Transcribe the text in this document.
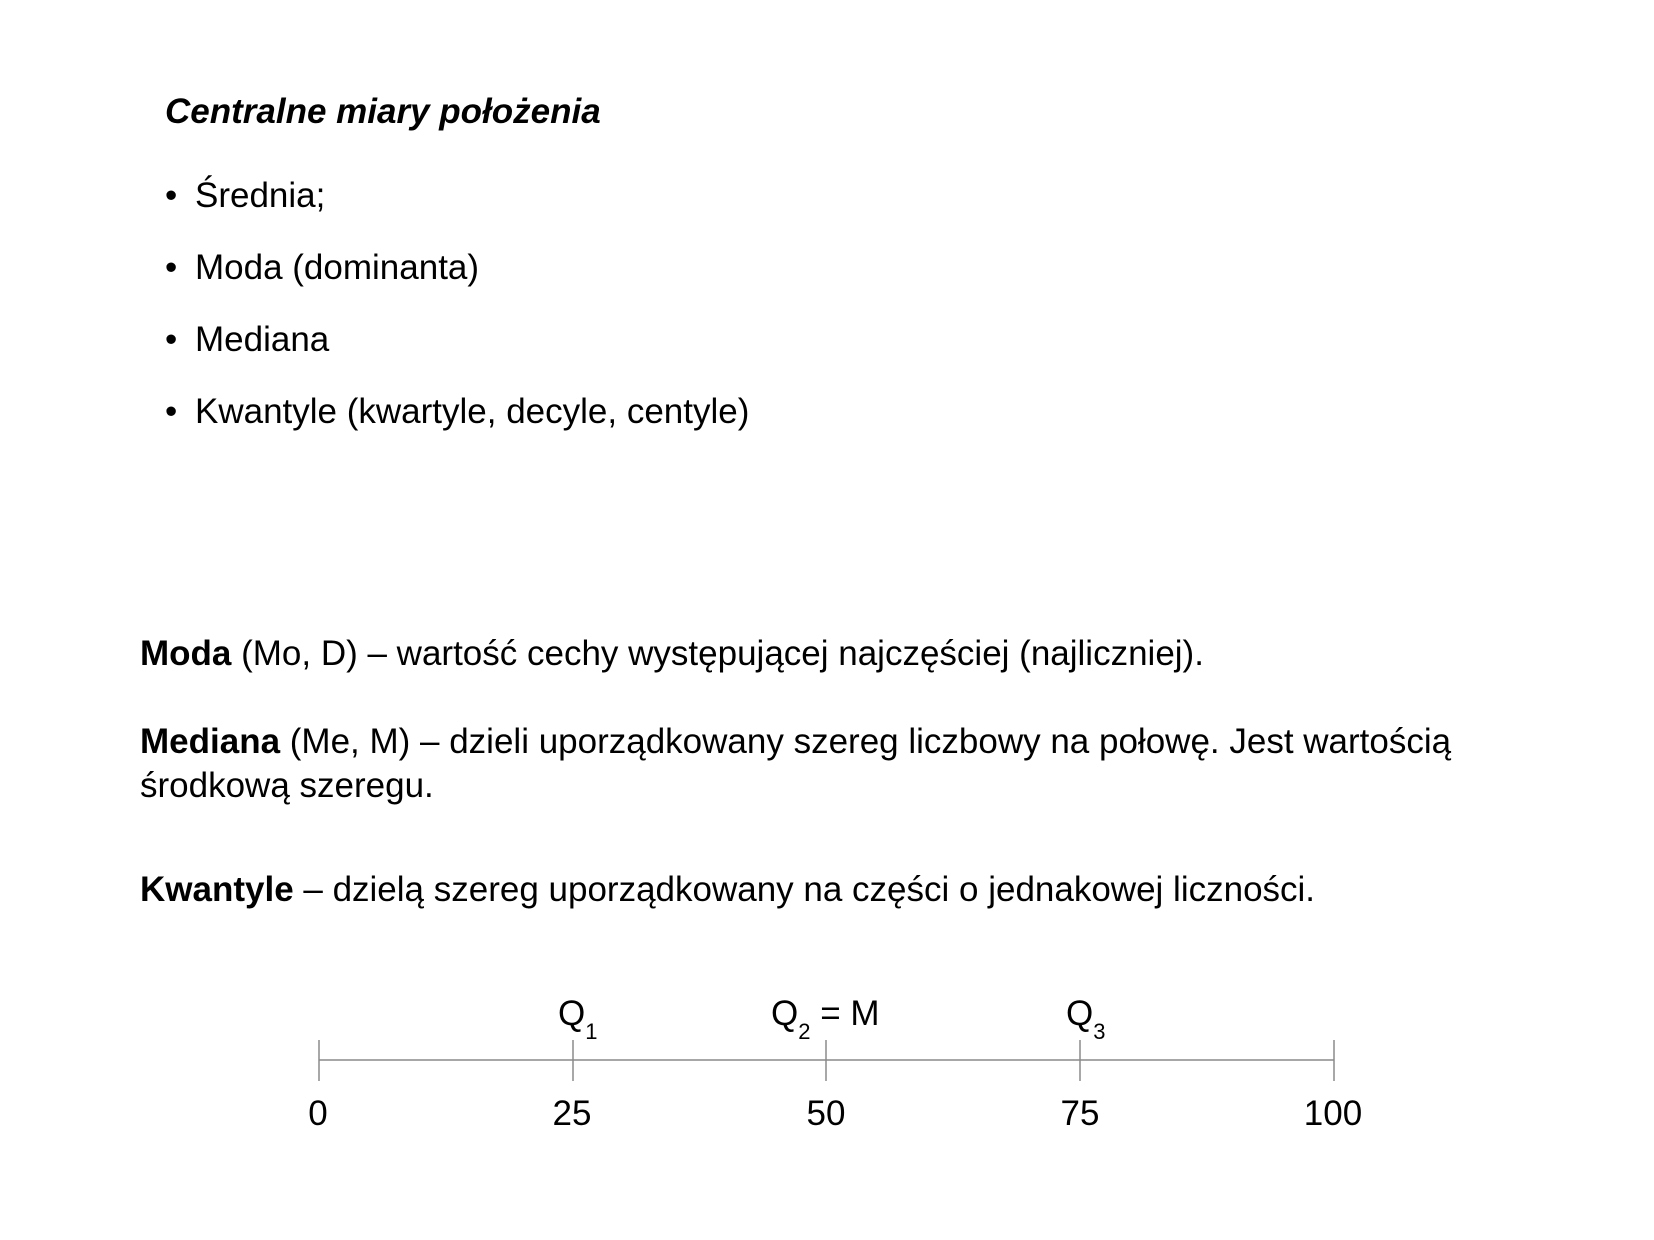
Centralne miary położenia
• Średnia;
• Moda (dominanta)
• Mediana
• Kwantyle (kwartyle, decyle, centyle)
Moda (Mo, D) – wartość cechy występującej najczęściej (najliczniej).
Mediana (Me, M) – dzieli uporządkowany szereg liczbowy na połowę. Jest wartością
środkową szeregu.
Kwantyle – dzielą szereg uporządkowany na części o jednakowej liczności.
$Q_1$	$Q_2 = M$	$Q_3$
0	25	50	75	100
